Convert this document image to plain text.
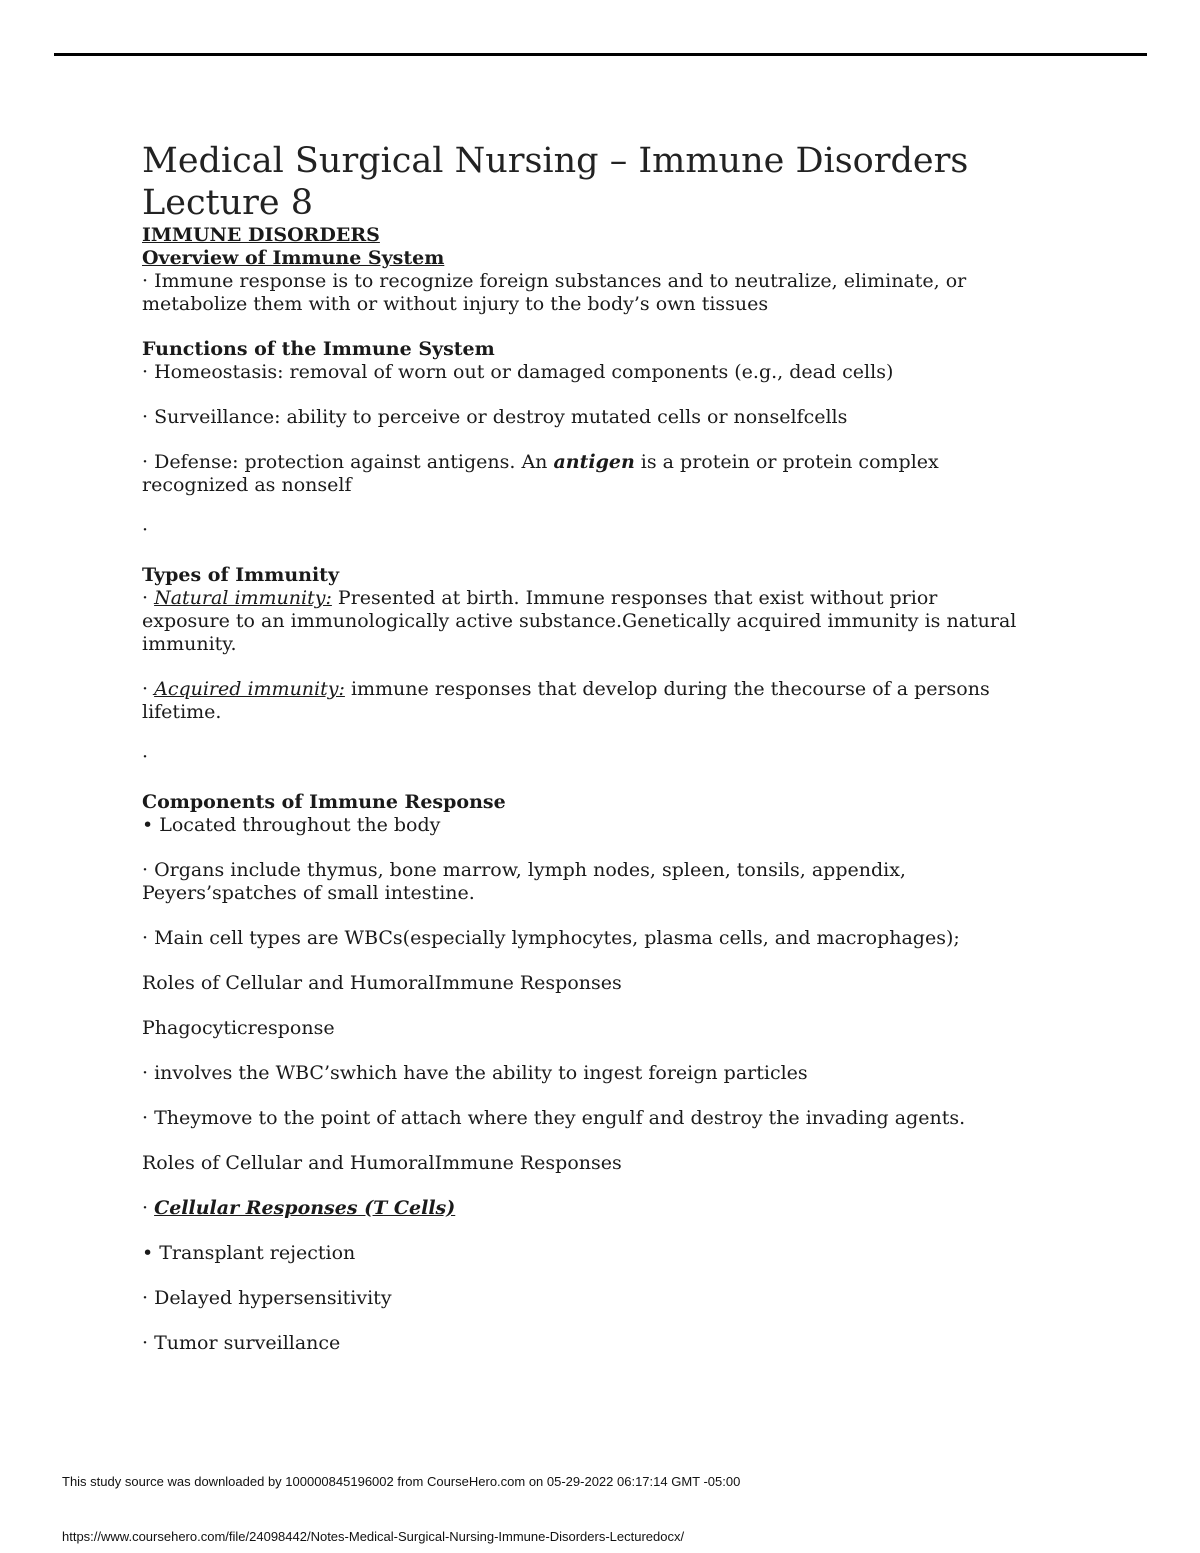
Medical Surgical Nursing – Immune Disorders
Lecture 8
IMMUNE DISORDERS
Overview of Immune System
· Immune response is to recognize foreign substances and to neutralize, eliminate, or
metabolize them with or without injury to the body’s own tissues
Functions of the Immune System
· Homeostasis: removal of worn out or damaged components (e.g., dead cells)
· Surveillance: ability to perceive or destroy mutated cells or nonselfcells
· Defense: protection against antigens. An antigen is a protein or protein complex
recognized as nonself
·
Types of Immunity
· Natural immunity: Presented at birth. Immune responses that exist without prior
exposure to an immunologically active substance.Genetically acquired immunity is natural
immunity.
· Acquired immunity: immune responses that develop during the thecourse of a persons
lifetime.
·
Components of Immune Response
• Located throughout the body
· Organs include thymus, bone marrow, lymph nodes, spleen, tonsils, appendix,
Peyers’spatches of small intestine.
· Main cell types are WBCs(especially lymphocytes, plasma cells, and macrophages);
Roles of Cellular and HumoralImmune Responses
Phagocyticresponse
· involves the WBC’swhich have the ability to ingest foreign particles
· Theymove to the point of attach where they engulf and destroy the invading agents.
Roles of Cellular and HumoralImmune Responses
· Cellular Responses (T Cells)
• Transplant rejection
· Delayed hypersensitivity
· Tumor surveillance
This study source was downloaded by 100000845196002 from CourseHero.com on 05-29-2022 06:17:14 GMT -05:00
https://www.coursehero.com/file/24098442/Notes-Medical-Surgical-Nursing-Immune-Disorders-Lecturedocx/
